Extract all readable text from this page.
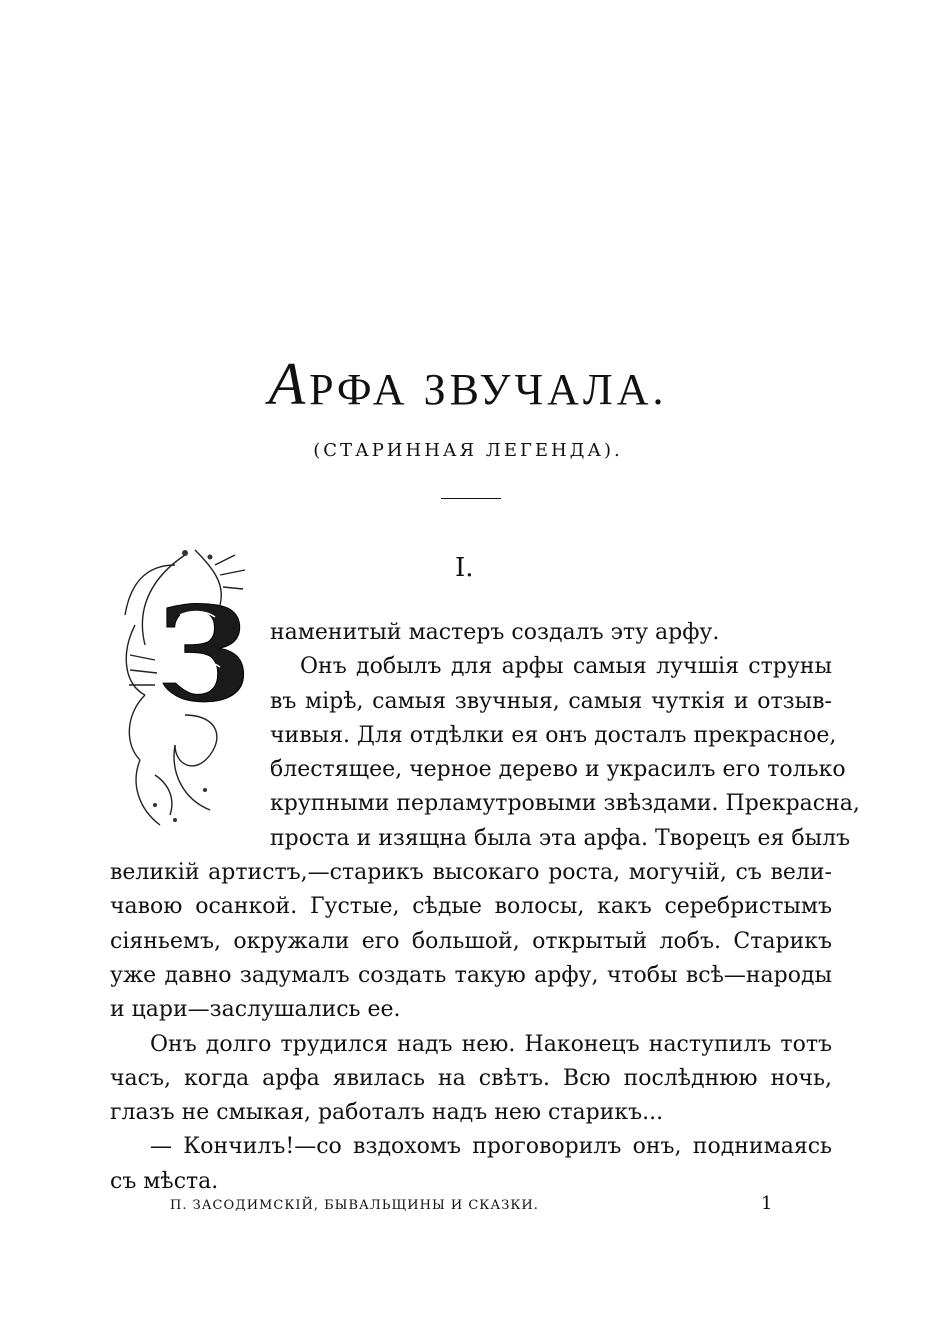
АРФА ЗВУЧАЛА.
(СТАРИННАЯ ЛЕГЕНДА).
I.
З наменитый мастеръ создалъ эту арфу.
Онъ добылъ для арфы самыя лучшія струны
въ мірѣ, самыя звучныя, самыя чуткія и отзыв-
чивыя. Для отдѣлки ея онъ досталъ прекрасное,
блестящее, черное дерево и украсилъ его только
крупными перламутровыми звѣздами. Прекрасна,
проста и изящна была эта арфа. Творецъ ея былъ
великій артистъ,—старикъ высокаго роста, могучій, съ вели-
чавою осанкой. Густые, сѣдые волосы, какъ серебристымъ
сіяньемъ, окружали его большой, открытый лобъ. Старикъ
уже давно задумалъ создать такую арфу, чтобы всѣ—народы
и цари—заслушались ее.
Онъ долго трудился надъ нею. Наконецъ наступилъ тотъ
часъ, когда арфа явилась на свѣтъ. Всю послѣднюю ночь,
глазъ не смыкая, работалъ надъ нею старикъ...
— Кончилъ!—со вздохомъ проговорилъ онъ, поднимаясь
съ мѣста.
П. ЗАСОДИМСКІЙ, БЫВАЛЬЩИНЫ И СКАЗКИ.	1
